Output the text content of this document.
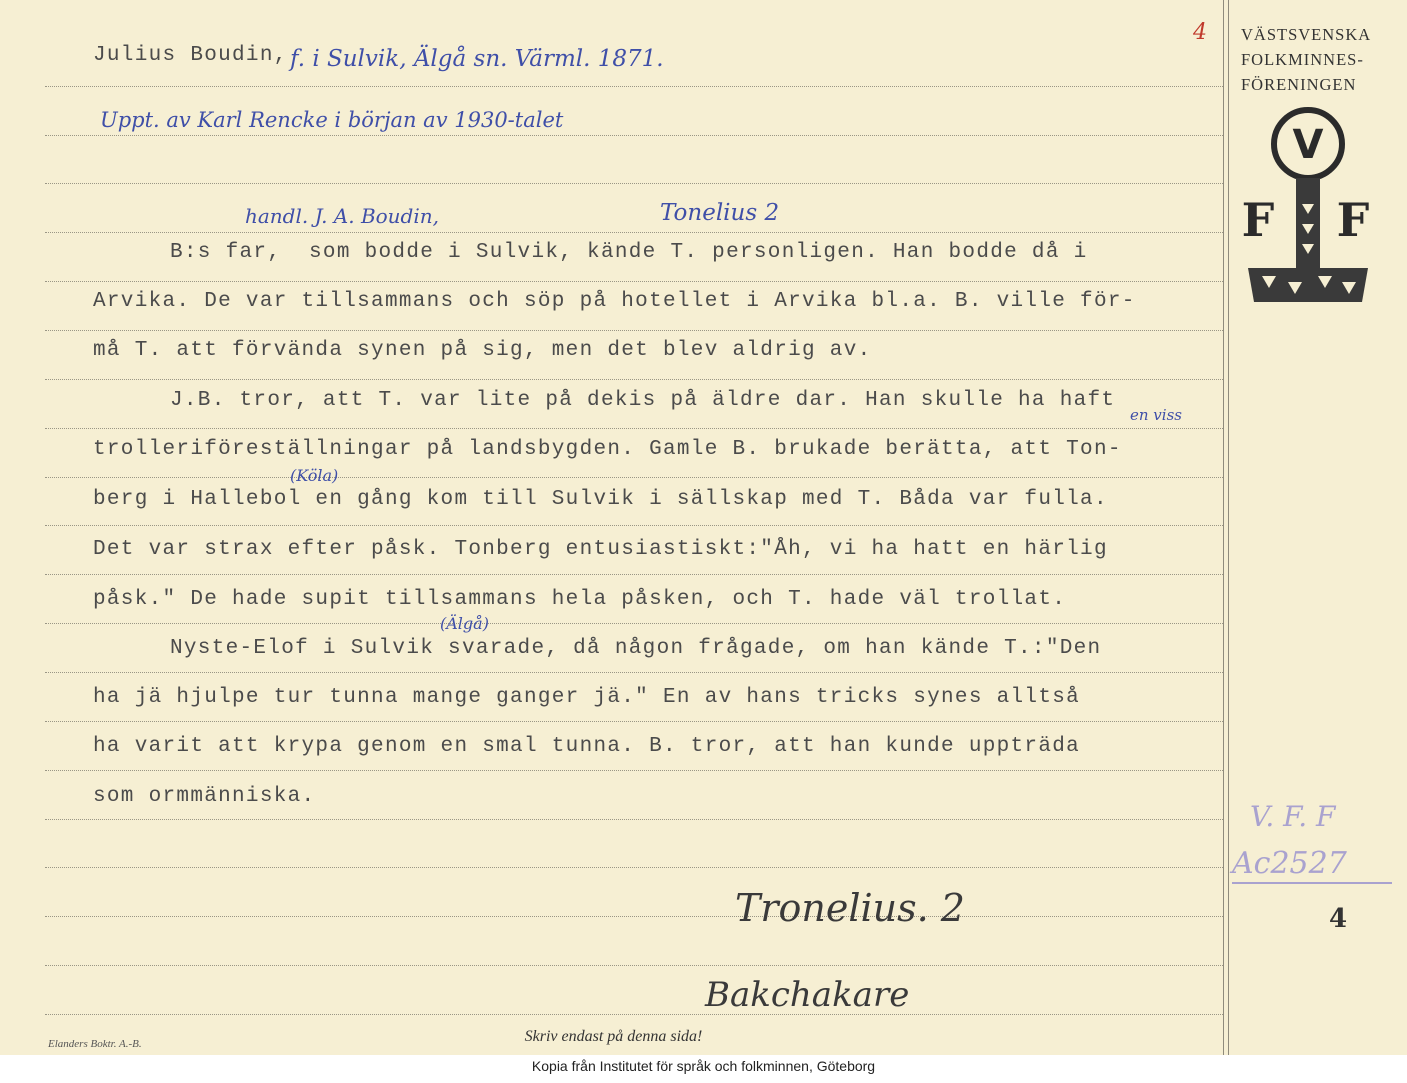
Julius Boudin, f. i Sulvik, Älgå sn. Värml. 1871.
Uppt. av Karl Rencke i början av 1930-talet
4 VÄSTSVENSKA
FOLKMINNES-
FÖRENINGEN
V
F F
handl. J. A. Boudin,	Tonelius 2
en viss
(Köla)
(Älgå)
B:s far,  som bodde i Sulvik, kände T. personligen. Han bodde då i
Arvika. De var tillsammans och söp på hotellet i Arvika bl.a. B. ville för-
må T. att förvända synen på sig, men det blev aldrig av.
J.B. tror, att T. var lite på dekis på äldre dar. Han skulle ha haft
trolleriföreställningar på landsbygden. Gamle B. brukade berätta, att Ton-
berg i Hallebol en gång kom till Sulvik i sällskap med T. Båda var fulla.
Det var strax efter påsk. Tonberg entusiastiskt:"Åh, vi ha hatt en härlig
påsk." De hade supit tillsammans hela påsken, och T. hade väl trollat.
Nyste-Elof i Sulvik svarade, då någon frågade, om han kände T.:"Den
ha jä hjulpe tur tunna mange ganger jä." En av hans tricks synes alltså
ha varit att krypa genom en smal tunna. B. tror, att han kunde uppträda
som ormmänniska.
Tronelius. 2
Bakchakare
V. F. F
Ac2527
4
Elanders Boktr. A.-B.	Skriv endast på denna sida!
Kopia från Institutet för språk och folkminnen, Göteborg
